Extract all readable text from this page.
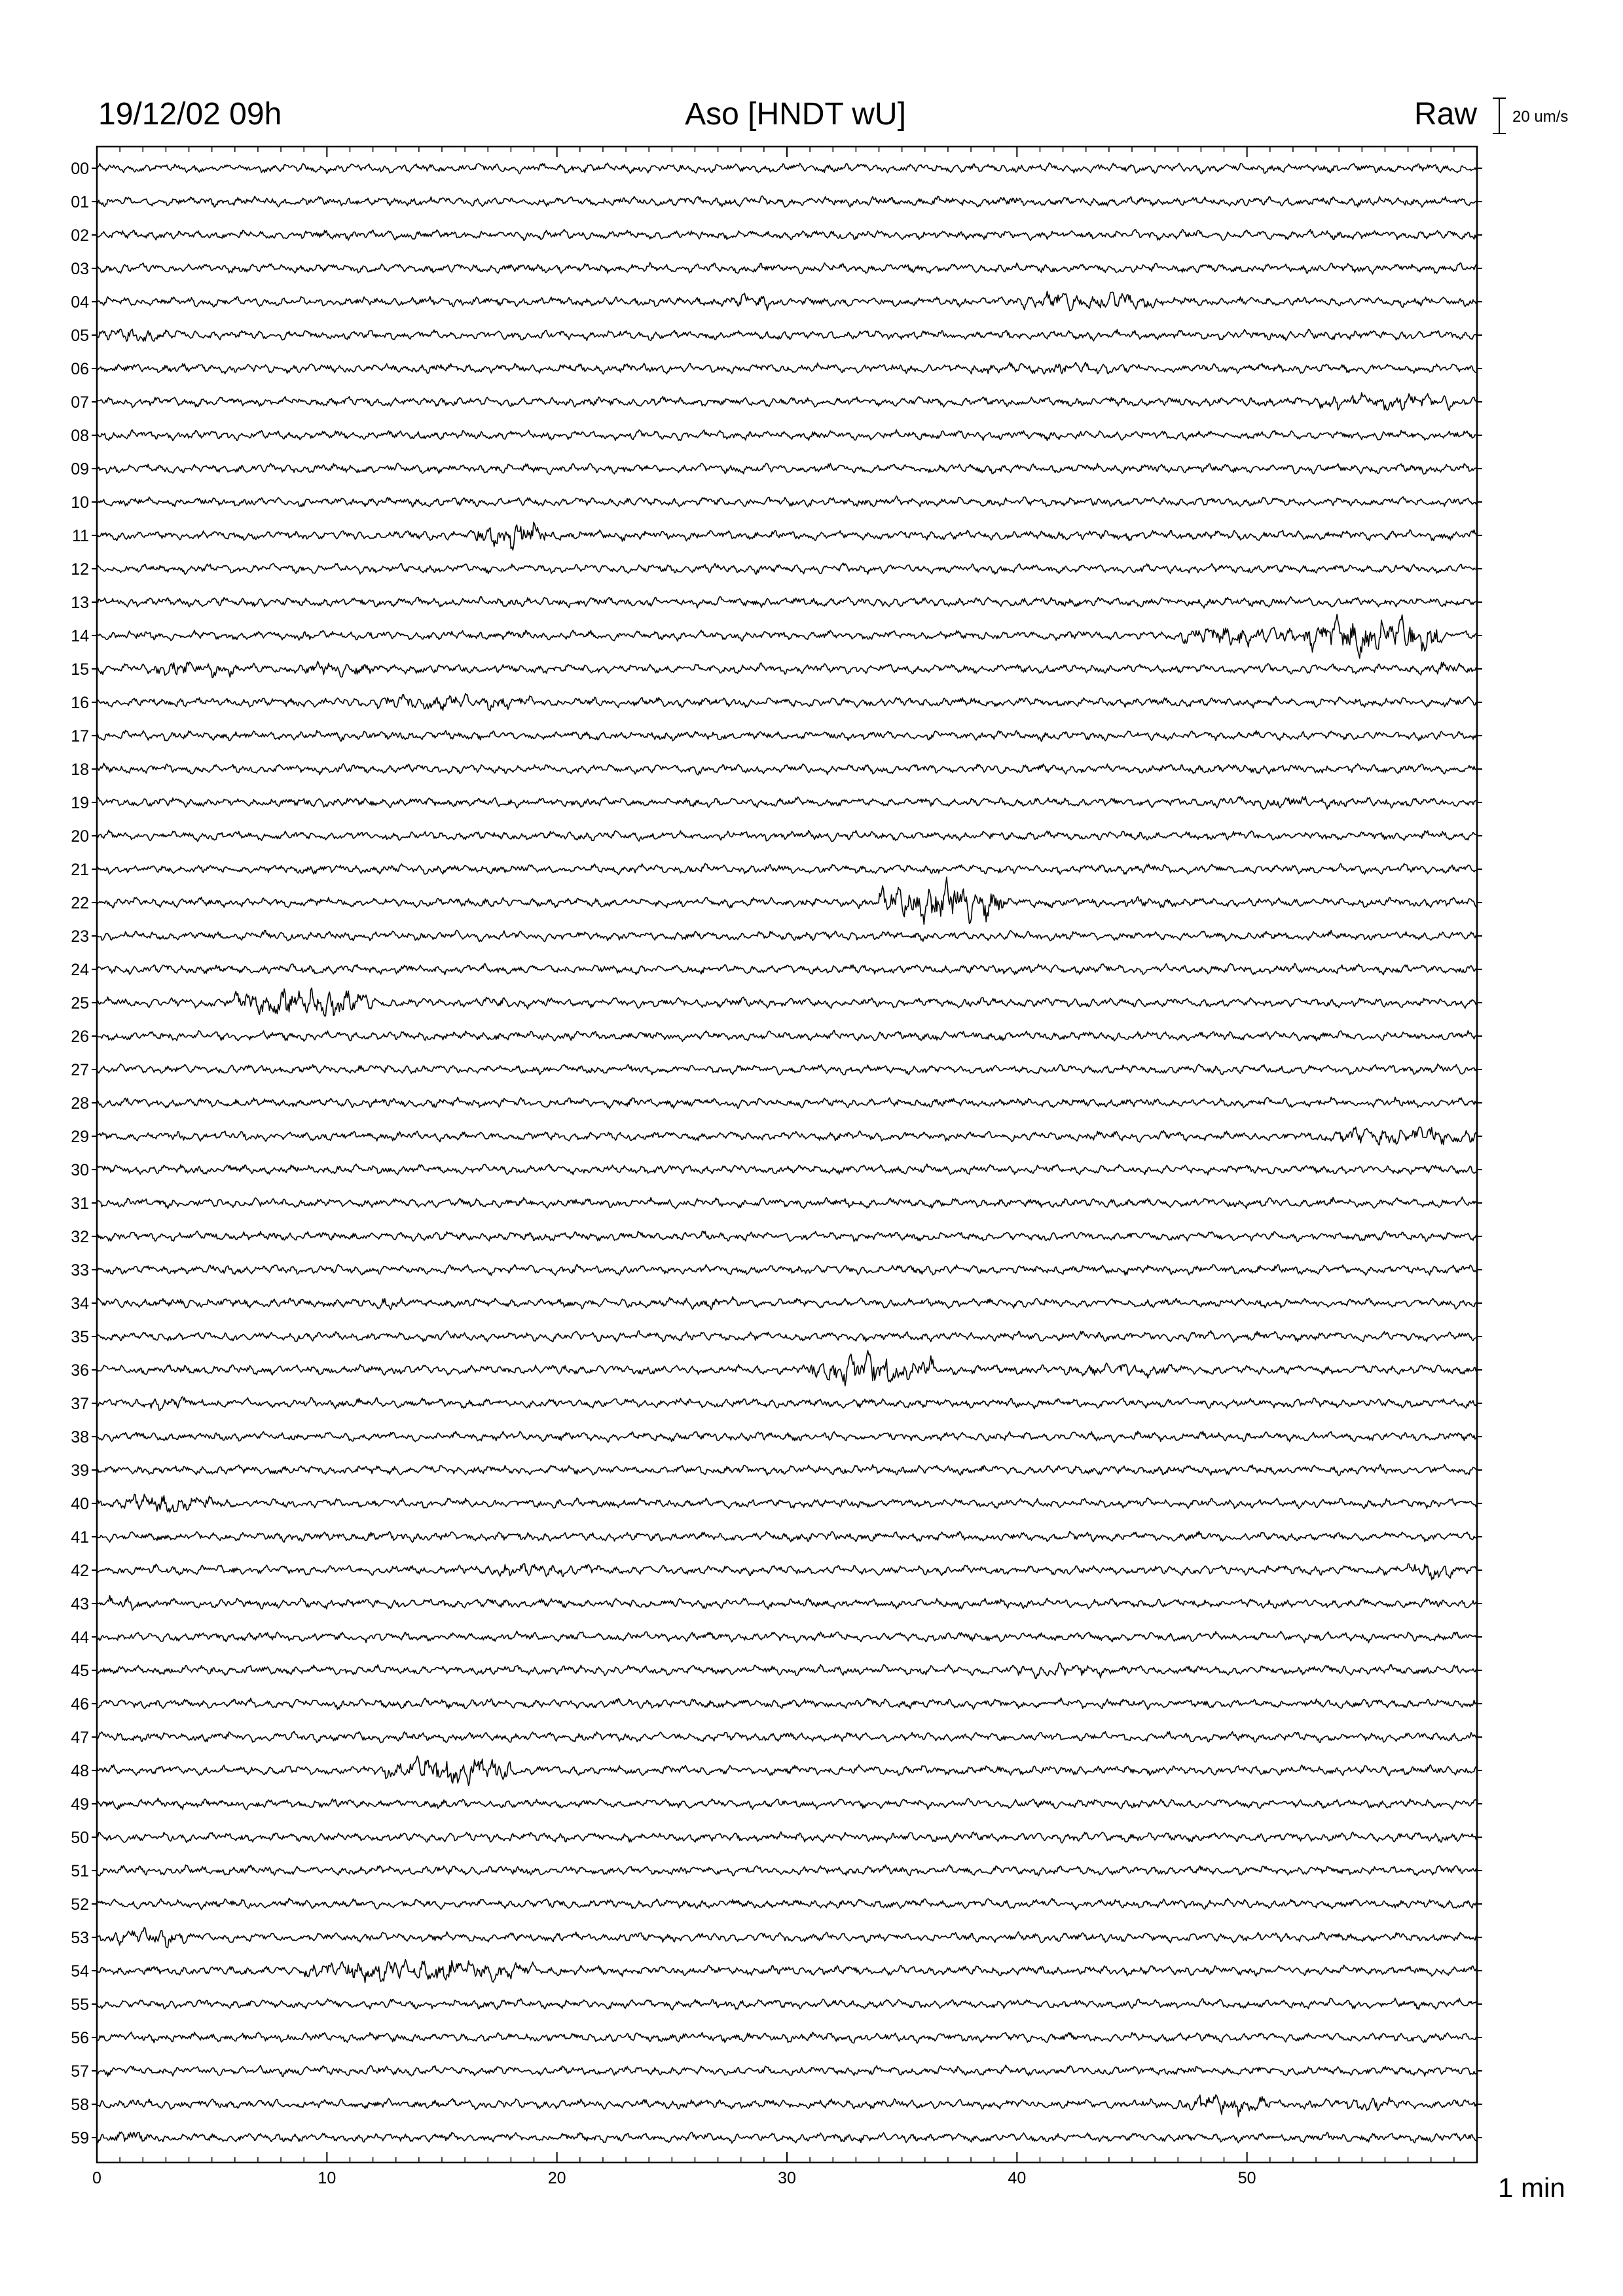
19/12/02 09h	Aso [HNDT wU]	Raw 20 um/s
00
01
02
03
04
05
06
07
08
09
10
11
12
13
14
15
16
17
18
19
20
21
22
23
24
25
26
27
28
29
30
31
32
33
34
35
36
37
38
39
40
41
42
43
44
45
46
47
48
49
50
51
52
53
54
55
56
57
58
59
0	10	20	30	40	50	1 min
